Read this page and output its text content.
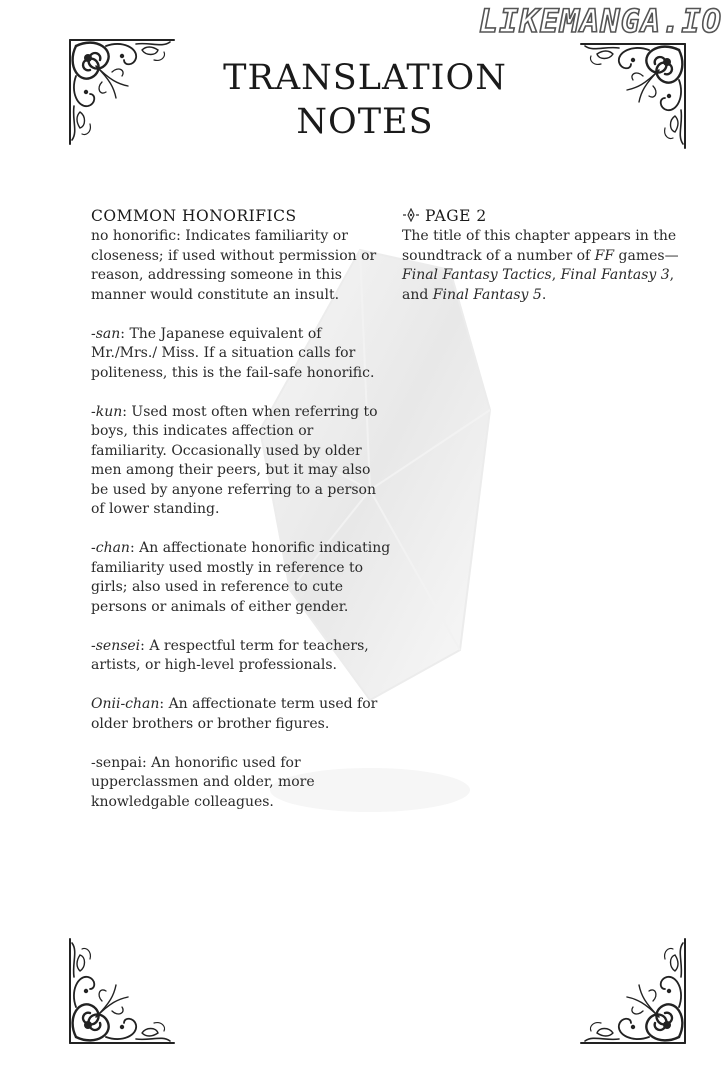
LIKEMANGA.IO
TRANSLATION
NOTES
COMMON HONORIFICS

no honorific: Indicates familiarity or closeness; if used without permission or reason, addressing someone in this manner would constitute an insult.

-san: The Japanese equivalent of Mr./Mrs./ Miss. If a situation calls for politeness, this is the fail-safe honorific.

-kun: Used most often when referring to boys, this indicates affection or familiarity. Occasionally used by older men among their peers, but it may also be used by anyone referring to a person of lower standing.

-chan: An affectionate honorific indicating familiarity used mostly in reference to girls; also used in reference to cute persons or animals of either gender.

-sensei: A respectful term for teachers, artists, or high-level professionals.

Onii-chan: An affectionate term used for older brothers or brother figures.

-senpai: An honorific used for upperclassmen and older, more knowledgable colleagues.

PAGE 2

The title of this chapter appears in the soundtrack of a number of FF games—Final Fantasy Tactics, Final Fantasy 3, and Final Fantasy 5.
